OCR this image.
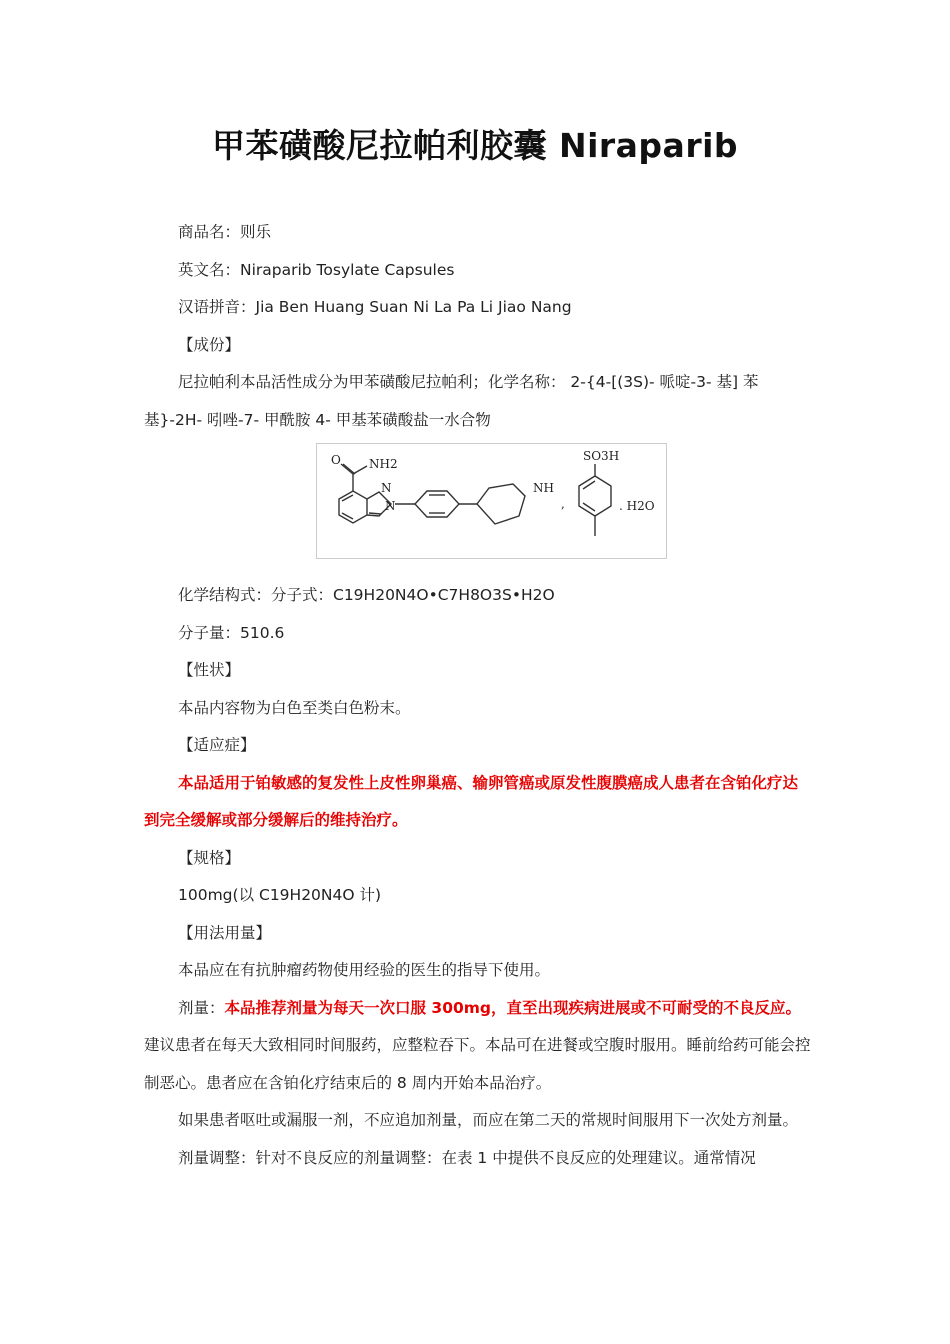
甲苯磺酸尼拉帕利胶囊 Niraparib

商品名：则乐

英文名：Niraparib Tosylate Capsules

汉语拼音：Jia Ben Huang Suan Ni La Pa Li Jiao Nang

【成份】

尼拉帕利本品活性成分为甲苯磺酸尼拉帕利；化学名称： 2-{4-[(3S)- 哌啶-3- 基] 苯基}-2H- 吲唑-7- 甲酰胺 4- 甲基苯磺酸盐一水合物

O NH2
N
N
NH
,
SO3H
. H2O

化学结构式：分子式：C19H20N4O•C7H8O3S•H2O

分子量：510.6

【性状】

本品内容物为白色至类白色粉末。

【适应症】

本品适用于铂敏感的复发性上皮性卵巢癌、输卵管癌或原发性腹膜癌成人患者在含铂化疗达到完全缓解或部分缓解后的维持治疗。

【规格】

100mg(以 C19H20N4O 计)

【用法用量】

本品应在有抗肿瘤药物使用经验的医生的指导下使用。

剂量：本品推荐剂量为每天一次口服 300mg，直至出现疾病进展或不可耐受的不良反应。建议患者在每天大致相同时间服药，应整粒吞下。本品可在进餐或空腹时服用。睡前给药可能会控制恶心。患者应在含铂化疗结束后的 8 周内开始本品治疗。

如果患者呕吐或漏服一剂，不应追加剂量，而应在第二天的常规时间服用下一次处方剂量。

剂量调整：针对不良反应的剂量调整：在表 1 中提供不良反应的处理建议。通常情况
